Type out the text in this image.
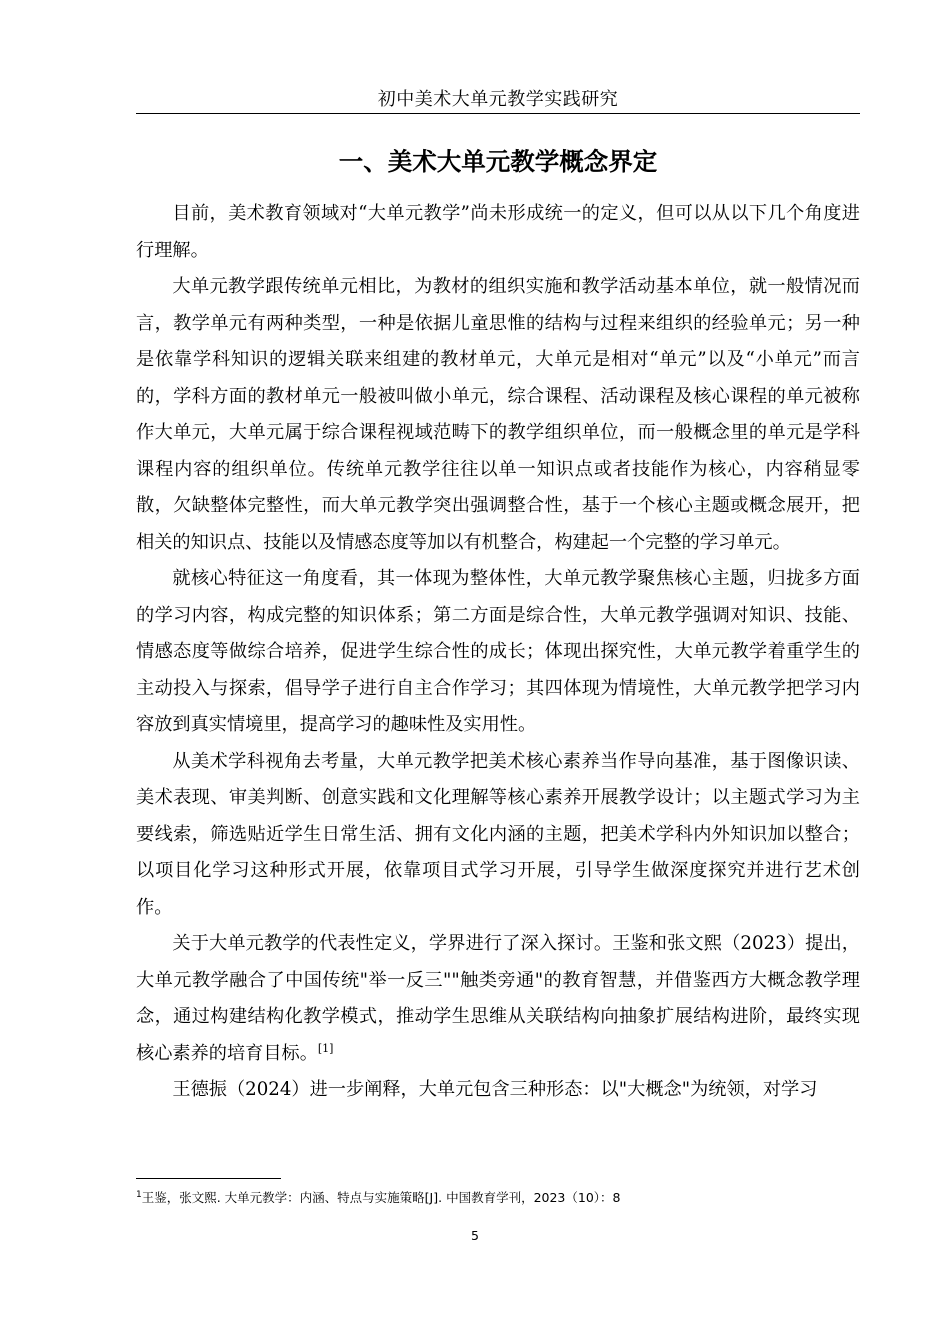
初中美术大单元教学实践研究
一、美术大单元教学概念界定

目前，美术教育领域对“大单元教学”尚未形成统一的定义，但可以从以下几个角度进行理解。

大单元教学跟传统单元相比，为教材的组织实施和教学活动基本单位，就一般情况而言，教学单元有两种类型，一种是依据儿童思惟的结构与过程来组织的经验单元；另一种是依靠学科知识的逻辑关联来组建的教材单元，大单元是相对“单元”以及“小单元”而言的，学科方面的教材单元一般被叫做小单元，综合课程、活动课程及核心课程的单元被称作大单元，大单元属于综合课程视域范畴下的教学组织单位，而一般概念里的单元是学科课程内容的组织单位。传统单元教学往往以单一知识点或者技能作为核心，内容稍显零散，欠缺整体完整性，而大单元教学突出强调整合性，基于一个核心主题或概念展开，把相关的知识点、技能以及情感态度等加以有机整合，构建起一个完整的学习单元。

就核心特征这一角度看，其一体现为整体性，大单元教学聚焦核心主题，归拢多方面的学习内容，构成完整的知识体系；第二方面是综合性，大单元教学强调对知识、技能、情感态度等做综合培养，促进学生综合性的成长；体现出探究性，大单元教学着重学生的主动投入与探索，倡导学子进行自主合作学习；其四体现为情境性，大单元教学把学习内容放到真实情境里，提高学习的趣味性及实用性。

从美术学科视角去考量，大单元教学把美术核心素养当作导向基准，基于图像识读、美术表现、审美判断、创意实践和文化理解等核心素养开展教学设计；以主题式学习为主要线索，筛选贴近学生日常生活、拥有文化内涵的主题，把美术学科内外知识加以整合；以项目化学习这种形式开展，依靠项目式学习开展，引导学生做深度探究并进行艺术创作。

关于大单元教学的代表性定义，学界进行了深入探讨。王鉴和张文熙（2023）提出，大单元教学融合了中国传统"举一反三""触类旁通"的教育智慧，并借鉴西方大概念教学理念，通过构建结构化教学模式，推动学生思维从关联结构向抽象扩展结构进阶，最终实现核心素养的培育目标。[1]

王德振（2024）进一步阐释，大单元包含三种形态：以"大概念"为统领，对学习

$^1$王鉴，张文熙. 大单元教学：内涵、特点与实施策略[J]. 中国教育学刊，2023（10）：8
5
